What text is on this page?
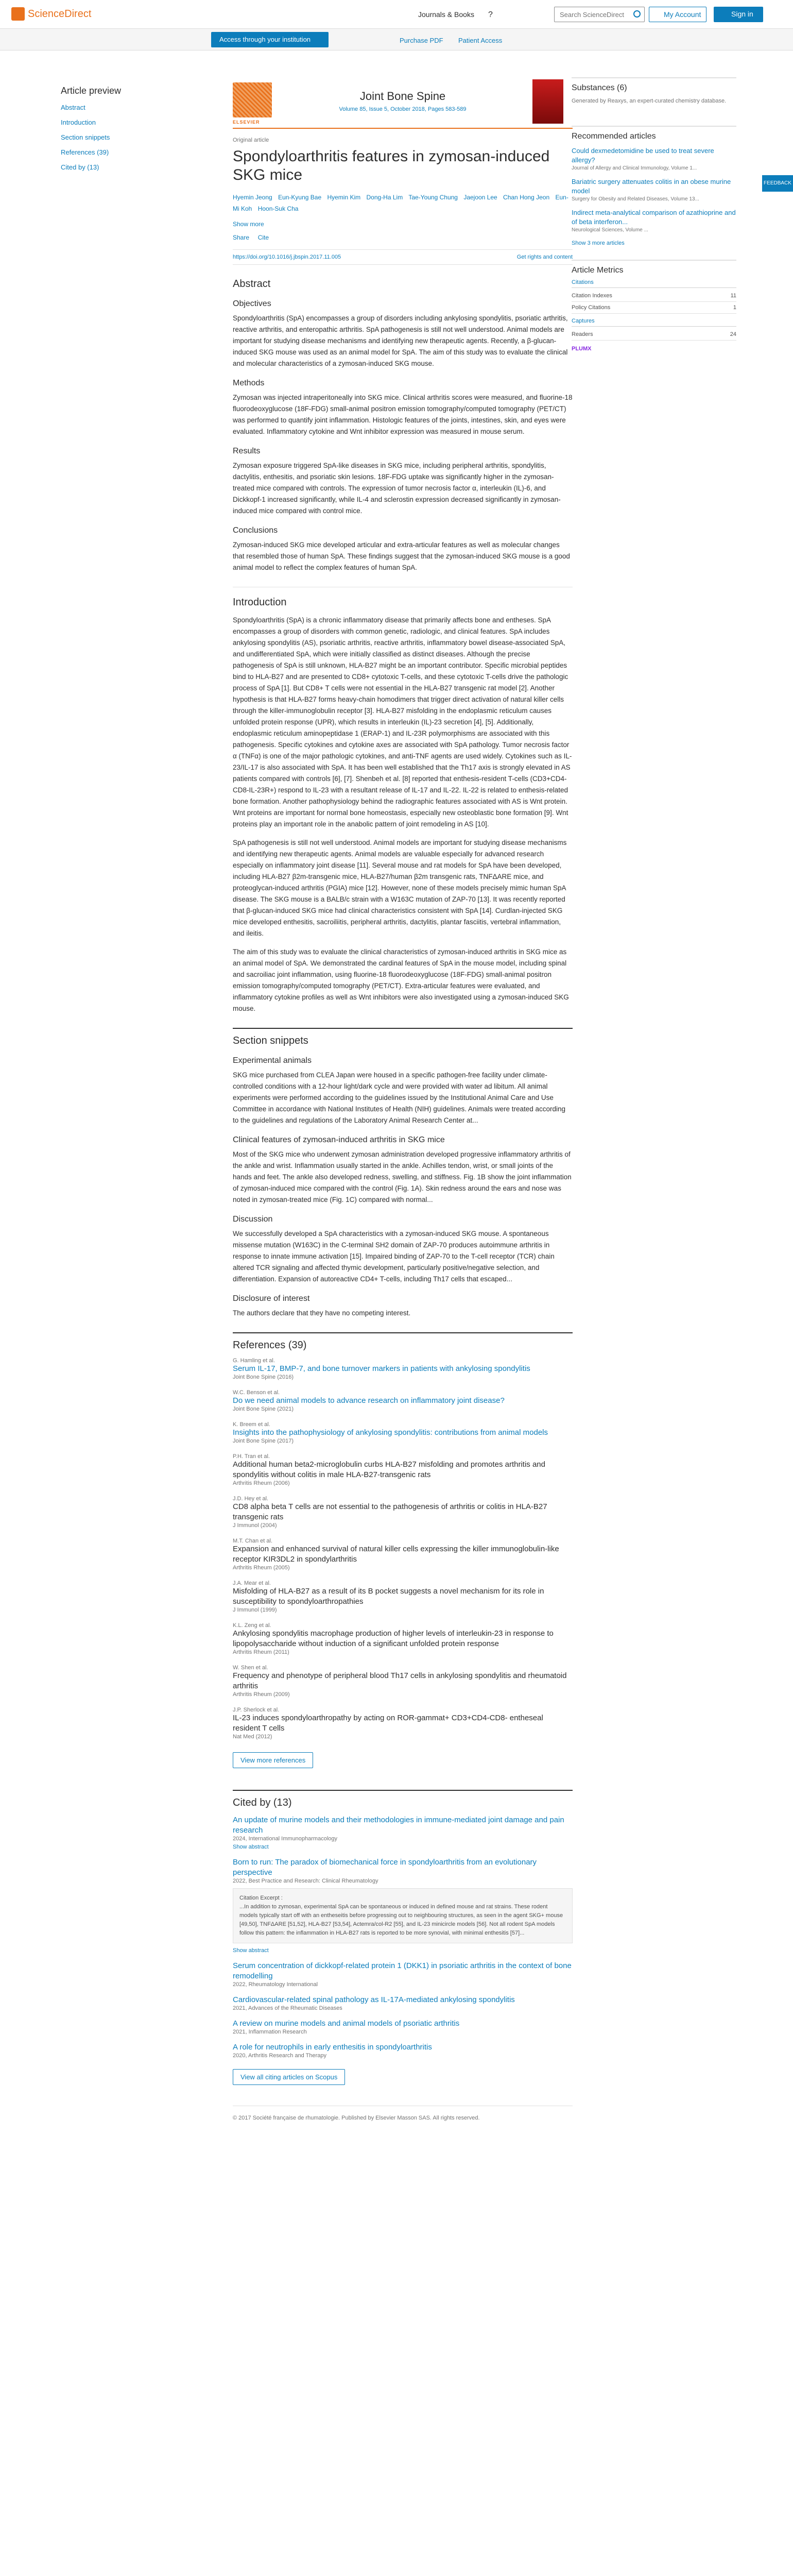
ScienceDirect	Journals & Books ?
Search ScienceDirect	My Account	Sign in
Access through your institution	Purchase PDF Patient Access
Article preview
Abstract
Introduction
Section snippets
References (39)
Cited by (13)
ELSEVIER
Joint Bone Spine
Volume 85, Issue 5, October 2018, Pages 583-589
Original article
Spondyloarthritis features in zymosan-induced SKG mice
Hyemin Jeong Eun-Kyung Bae Hyemin Kim Dong-Ha Lim Tae-Young Chung Jaejoon Lee Chan Hong Jeon Eun-Mi Koh Hoon-Suk Cha
Show more
Share Cite
https://doi.org/10.1016/j.jbspin.2017.11.005	Get rights and content
Abstract
Objectives

Spondyloarthritis (SpA) encompasses a group of disorders including ankylosing spondylitis, psoriatic arthritis, reactive arthritis, and enteropathic arthritis. SpA pathogenesis is still not well understood. Animal models are important for studying disease mechanisms and identifying new therapeutic agents. Recently, a β-glucan-induced SKG mouse was used as an animal model for SpA. The aim of this study was to evaluate the clinical and molecular characteristics of a zymosan-induced SKG mouse.

Methods

Zymosan was injected intraperitoneally into SKG mice. Clinical arthritis scores were measured, and fluorine-18 fluorodeoxyglucose (18F-FDG) small-animal positron emission tomography/computed tomography (PET/CT) was performed to quantify joint inflammation. Histologic features of the joints, intestines, skin, and eyes were evaluated. Inflammatory cytokine and Wnt inhibitor expression was measured in mouse serum.

Results

Zymosan exposure triggered SpA-like diseases in SKG mice, including peripheral arthritis, spondylitis, dactylitis, enthesitis, and psoriatic skin lesions. 18F-FDG uptake was significantly higher in the zymosan-treated mice compared with controls. The expression of tumor necrosis factor α, interleukin (IL)-6, and Dickkopf-1 increased significantly, while IL-4 and sclerostin expression decreased significantly in zymosan-induced mice compared with control mice.

Conclusions

Zymosan-induced SKG mice developed articular and extra-articular features as well as molecular changes that resembled those of human SpA. These findings suggest that the zymosan-induced SKG mouse is a good animal model to reflect the complex features of human SpA.

Introduction

Spondyloarthritis (SpA) is a chronic inflammatory disease that primarily affects bone and entheses. SpA encompasses a group of disorders with common genetic, radiologic, and clinical features. SpA includes ankylosing spondylitis (AS), psoriatic arthritis, reactive arthritis, inflammatory bowel disease-associated SpA, and undifferentiated SpA, which were initially classified as distinct diseases. Although the precise pathogenesis of SpA is still unknown, HLA-B27 might be an important contributor. Specific microbial peptides bind to HLA-B27 and are presented to CD8+ cytotoxic T-cells, and these cytotoxic T-cells drive the pathologic process of SpA [1]. But CD8+ T cells were not essential in the HLA-B27 transgenic rat model [2]. Another hypothesis is that HLA-B27 forms heavy-chain homodimers that trigger direct activation of natural killer cells through the killer-immunoglobulin receptor [3]. HLA-B27 misfolding in the endoplasmic reticulum causes unfolded protein response (UPR), which results in interleukin (IL)-23 secretion [4], [5]. Additionally, endoplasmic reticulum aminopeptidase 1 (ERAP-1) and IL-23R polymorphisms are associated with this pathogenesis. Specific cytokines and cytokine axes are associated with SpA pathology. Tumor necrosis factor α (TNFα) is one of the major pathologic cytokines, and anti-TNF agents are used widely. Cytokines such as IL-23/IL-17 is also associated with SpA. It has been well established that the Th17 axis is strongly elevated in AS patients compared with controls [6], [7]. Shenbeh et al. [8] reported that enthesis-resident T-cells (CD3+CD4-CD8-IL-23R+) respond to IL-23 with a resultant release of IL-17 and IL-22. IL-22 is related to enthesis-related bone formation. Another pathophysiology behind the radiographic features associated with AS is Wnt protein. Wnt proteins are important for normal bone homeostasis, especially new osteoblastic bone formation [9]. Wnt proteins play an important role in the anabolic pattern of joint remodeling in AS [10].

SpA pathogenesis is still not well understood. Animal models are important for studying disease mechanisms and identifying new therapeutic agents. Animal models are valuable especially for advanced research especially on inflammatory joint disease [11]. Several mouse and rat models for SpA have been developed, including HLA-B27 β2m-transgenic mice, HLA-B27/human β2m transgenic rats, TNFΔARE mice, and proteoglycan-induced arthritis (PGIA) mice [12]. However, none of these models precisely mimic human SpA disease. The SKG mouse is a BALB/c strain with a W163C mutation of ZAP-70 [13]. It was recently reported that β-glucan-induced SKG mice had clinical characteristics consistent with SpA [14]. Curdlan-injected SKG mice developed enthesitis, sacroiliitis, peripheral arthritis, dactylitis, plantar fasciitis, vertebral inflammation, and ileitis.

The aim of this study was to evaluate the clinical characteristics of zymosan-induced arthritis in SKG mice as an animal model of SpA. We demonstrated the cardinal features of SpA in the mouse model, including spinal and sacroiliac joint inflammation, using fluorine-18 fluorodeoxyglucose (18F-FDG) small-animal positron emission tomography/computed tomography (PET/CT). Extra-articular features were evaluated, and inflammatory cytokine profiles as well as Wnt inhibitors were also investigated using a zymosan-induced SKG mouse.

Section snippets
Experimental animals

SKG mice purchased from CLEA Japan were housed in a specific pathogen-free facility under climate-controlled conditions with a 12-hour light/dark cycle and were provided with water ad libitum. All animal experiments were performed according to the guidelines issued by the Institutional Animal Care and Use Committee in accordance with National Institutes of Health (NIH) guidelines. Animals were treated according to the guidelines and regulations of the Laboratory Animal Research Center at...

Clinical features of zymosan-induced arthritis in SKG mice

Most of the SKG mice who underwent zymosan administration developed progressive inflammatory arthritis of the ankle and wrist. Inflammation usually started in the ankle. Achilles tendon, wrist, or small joints of the hands and feet. The ankle also developed redness, swelling, and stiffness. Fig. 1B show the joint inflammation of zymosan-induced mice compared with the control (Fig. 1A). Skin redness around the ears and nose was noted in zymosan-treated mice (Fig. 1C) compared with normal...

Discussion

We successfully developed a SpA characteristics with a zymosan-induced SKG mouse. A spontaneous missense mutation (W163C) in the C-terminal SH2 domain of ZAP-70 produces autoimmune arthritis in response to innate immune activation [15]. Impaired binding of ZAP-70 to the T-cell receptor (TCR) chain altered TCR signaling and affected thymic development, particularly positive/negative selection, and differentiation. Expansion of autoreactive CD4+ T-cells, including Th17 cells that escaped...

Disclosure of interest

The authors declare that they have no competing interest.

References (39)
G. Hamling et al.
Serum IL-17, BMP-7, and bone turnover markers in patients with ankylosing spondylitis
Joint Bone Spine (2016)
W.C. Benson et al.
Do we need animal models to advance research on inflammatory joint disease?
Joint Bone Spine (2021)
K. Breem et al.
Insights into the pathophysiology of ankylosing spondylitis: contributions from animal models
Joint Bone Spine (2017)
P.H. Tran et al.
Additional human beta2-microglobulin curbs HLA-B27 misfolding and promotes arthritis and spondylitis without colitis in male HLA-B27-transgenic rats
Arthritis Rheum (2006)
J.D. Hey et al.
CD8 alpha beta T cells are not essential to the pathogenesis of arthritis or colitis in HLA-B27 transgenic rats
J Immunol (2004)
M.T. Chan et al.
Expansion and enhanced survival of natural killer cells expressing the killer immunoglobulin-like receptor KIR3DL2 in spondylarthritis
Arthritis Rheum (2005)
J.A. Mear et al.
Misfolding of HLA-B27 as a result of its B pocket suggests a novel mechanism for its role in susceptibility to spondyloarthropathies
J Immunol (1999)
K.L. Zeng et al.
Ankylosing spondylitis macrophage production of higher levels of interleukin-23 in response to lipopolysaccharide without induction of a significant unfolded protein response
Arthritis Rheum (2011)
W. Shen et al.
Frequency and phenotype of peripheral blood Th17 cells in ankylosing spondylitis and rheumatoid arthritis
Arthritis Rheum (2009)
J.P. Sherlock et al.
IL-23 induces spondyloarthropathy by acting on ROR-gammat+ CD3+CD4-CD8- entheseal resident T cells
Nat Med (2012)
View more references
Cited by (13)
An update of murine models and their methodologies in immune-mediated joint damage and pain research
2024, International Immunopharmacology
Show abstract
Born to run: The paradox of biomechanical force in spondyloarthritis from an evolutionary perspective
2022, Best Practice and Research: Clinical Rheumatology
Citation Excerpt :
...In addition to zymosan, experimental SpA can be spontaneous or induced in defined mouse and rat strains. These rodent models typically start off with an entheseitis before progressing out to neighbouring structures, as seen in the agent SKG+ mouse [49,50], TNFΔARE [51,52], HLA-B27 [53,54], Actemra/col-R2 [55], and IL-23 minicircle models [56]. Not all rodent SpA models follow this pattern: the inflammation in HLA-B27 rats is reported to be more synovial, with minimal enthesitis [57]...
Show abstract
Serum concentration of dickkopf-related protein 1 (DKK1) in psoriatic arthritis in the context of bone remodelling
2022, Rheumatology International
Cardiovascular-related spinal pathology as IL-17A-mediated ankylosing spondylitis
2021, Advances of the Rheumatic Diseases
A review on murine models and animal models of psoriatic arthritis
2021, Inflammation Research
A role for neutrophils in early enthesitis in spondyloarthritis
2020, Arthritis Research and Therapy
View all citing articles on Scopus
© 2017 Société française de rhumatologie. Published by Elsevier Masson SAS. All rights reserved.
Substances (6)
Generated by Reaxys, an expert-curated chemistry database.
Recommended articles
Could dexmedetomidine be used to treat severe allergy?
Journal of Allergy and Clinical Immunology, Volume 1...
Bariatric surgery attenuates colitis in an obese murine model
Surgery for Obesity and Related Diseases, Volume 13...
Indirect meta-analytical comparison of azathioprine and of beta interferon...
Neurological Sciences, Volume ...
Show 3 more articles
Article Metrics
Citations
Citation Indexes	11
Policy Citations	1
Captures
Readers	24
PLUMX
FEEDBACK
